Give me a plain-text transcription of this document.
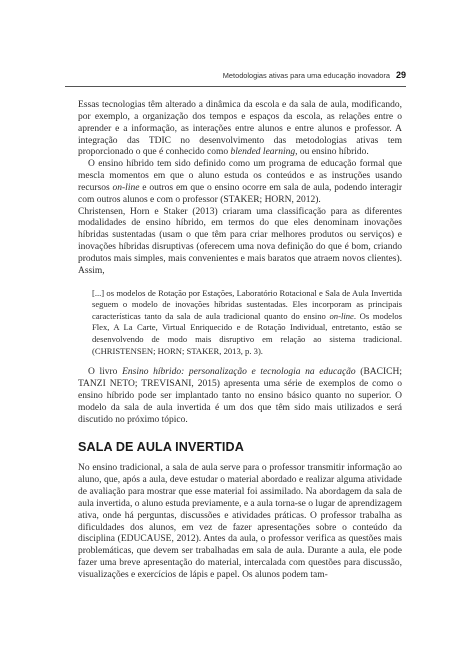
Metodologias ativas para uma educação inovadora 29

Essas tecnologias têm alterado a dinâmica da escola e da sala de aula, modificando, por exemplo, a organização dos tempos e espaços da escola, as relações entre o aprender e a informação, as interações entre alunos e entre alunos e professor. A integração das TDIC no desenvolvimento das metodologias ativas tem proporcionado o que é conhecido como blended learning, ou ensino híbrido.

O ensino híbrido tem sido definido como um programa de educação formal que mescla momentos em que o aluno estuda os conteúdos e as instruções usando recursos on-line e outros em que o ensino ocorre em sala de aula, podendo interagir com outros alunos e com o professor (STAKER; HORN, 2012).

Christensen, Horn e Staker (2013) criaram uma classificação para as diferentes modalidades de ensino híbrido, em termos do que eles denominam inovações híbridas sustentadas (usam o que têm para criar melhores produtos ou serviços) e inovações híbridas disruptivas (oferecem uma nova definição do que é bom, criando produtos mais simples, mais convenientes e mais baratos que atraem novos clientes). Assim,

[...] os modelos de Rotação por Estações, Laboratório Rotacional e Sala de Aula Invertida seguem o modelo de inovações híbridas sustentadas. Eles incorporam as principais características tanto da sala de aula tradicional quanto do ensino on-line. Os modelos Flex, A La Carte, Virtual Enriquecido e de Rotação Individual, entretanto, estão se desenvolvendo de modo mais disruptivo em relação ao sistema tradicional. (CHRISTENSEN; HORN; STAKER, 2013, p. 3).

O livro Ensino híbrido: personalização e tecnologia na educação (BACICH; TANZI NETO; TREVISANI, 2015) apresenta uma série de exemplos de como o ensino híbrido pode ser implantado tanto no ensino básico quanto no superior. O modelo da sala de aula invertida é um dos que têm sido mais utilizados e será discutido no próximo tópico.

SALA DE AULA INVERTIDA

No ensino tradicional, a sala de aula serve para o professor transmitir informação ao aluno, que, após a aula, deve estudar o material abordado e realizar alguma atividade de avaliação para mostrar que esse material foi assimilado. Na abordagem da sala de aula invertida, o aluno estuda previamente, e a aula torna-se o lugar de aprendizagem ativa, onde há perguntas, discussões e atividades práticas. O professor trabalha as dificuldades dos alunos, em vez de fazer apresentações sobre o conteúdo da disciplina (EDUCAUSE, 2012). Antes da aula, o professor verifica as questões mais problemáticas, que devem ser trabalhadas em sala de aula. Durante a aula, ele pode fazer uma breve apresentação do material, intercalada com questões para discussão, visualizações e exercícios de lápis e papel. Os alunos podem tam-
